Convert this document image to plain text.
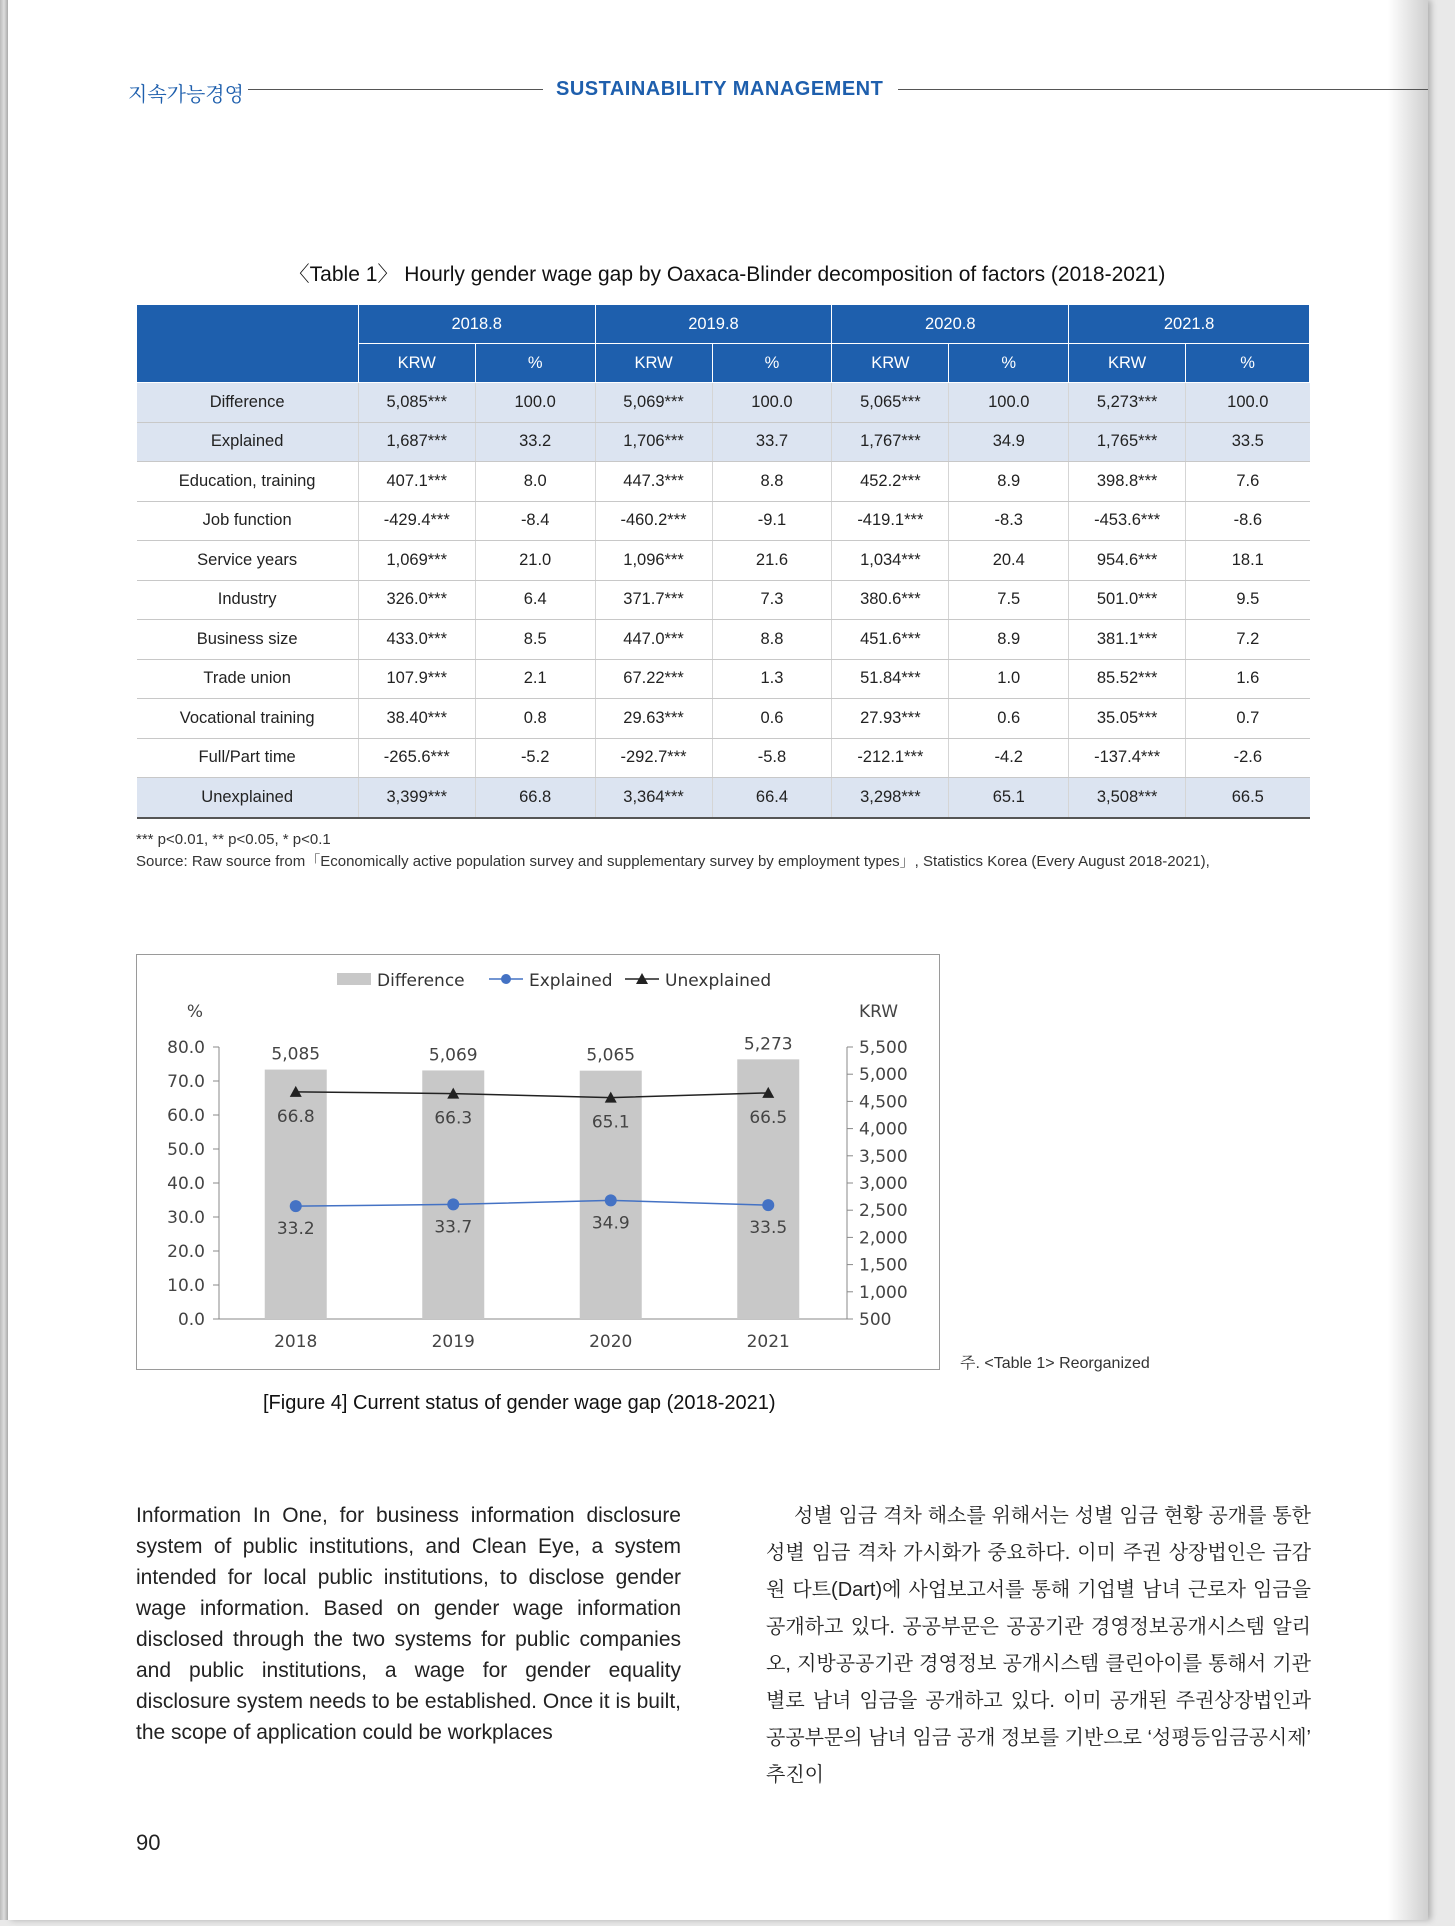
지속가능경영	SUSTAINABILITY MANAGEMENT
〈Table 1〉 Hourly gender wage gap by Oaxaca-Blinder decomposition of factors (2018-2021)
	2018.8		2019.8		2020.8		2021.8	
	KRW	%	KRW	%	KRW	%	KRW	%
Difference	5,085***	100.0	5,069***	100.0	5,065***	100.0	5,273***	100.0
Explained	1,687***	33.2	1,706***	33.7	1,767***	34.9	1,765***	33.5
Education, training	407.1***	8.0	447.3***	8.8	452.2***	8.9	398.8***	7.6
Job function	-429.4***	-8.4	-460.2***	-9.1	-419.1***	-8.3	-453.6***	-8.6
Service years	1,069***	21.0	1,096***	21.6	1,034***	20.4	954.6***	18.1
Industry	326.0***	6.4	371.7***	7.3	380.6***	7.5	501.0***	9.5
Business size	433.0***	8.5	447.0***	8.8	451.6***	8.9	381.1***	7.2
Trade union	107.9***	2.1	67.22***	1.3	51.84***	1.0	85.52***	1.6
Vocational training	38.40***	0.8	29.63***	0.6	27.93***	0.6	35.05***	0.7
Full/Part time	-265.6***	-5.2	-292.7***	-5.8	-212.1***	-4.2	-137.4***	-2.6
Unexplained	3,399***	66.8	3,364***	66.4	3,298***	65.1	3,508***	66.5
*** p<0.01, ** p<0.05, * p<0.1
Source: Raw source from「Economically active population survey and supplementary survey by employment types」, Statistics Korea (Every August 2018-2021),
0.0
10.0
20.0
30.0
40.0
50.0
60.0
70.0
80.0
500
1,000
1,500
2,000
2,500
3,000
3,500
4,000
4,500
5,000
5,500
%	KRW
5,085	5,069	5,065
5,273
2018	2019	2020	2021
33.2	33.7	34.9	33.5
66.8	66.3	65.1	66.5
Difference	Explained	Unexplained
주. <Table 1> Reorganized
[Figure 4] Current status of gender wage gap (2018-2021)

Information In One, for business information disclosure system of public institutions, and Clean Eye, a system intended for local public institutions, to disclose gender wage information. Based on gender wage information disclosed through the two systems for public companies and public institutions, a wage for gender equality disclosure system needs to be established. Once it is built, the scope of application could be workplaces

성별 임금 격차 해소를 위해서는 성별 임금 현황 공개를 통한 성별 임금 격차 가시화가 중요하다. 이미 주권 상장법인은 금감원 다트(Dart)에 사업보고서를 통해 기업별 남녀 근로자 임금을 공개하고 있다. 공공부문은 공공기관 경영정보공개시스템 알리오, 지방공공기관 경영정보 공개시스템 클린아이를 통해서 기관별로 남녀 임금을 공개하고 있다. 이미 공개된 주권상장법인과 공공부문의 남녀 임금 공개 정보를 기반으로 ‘성평등임금공시제’ 추진이

90
